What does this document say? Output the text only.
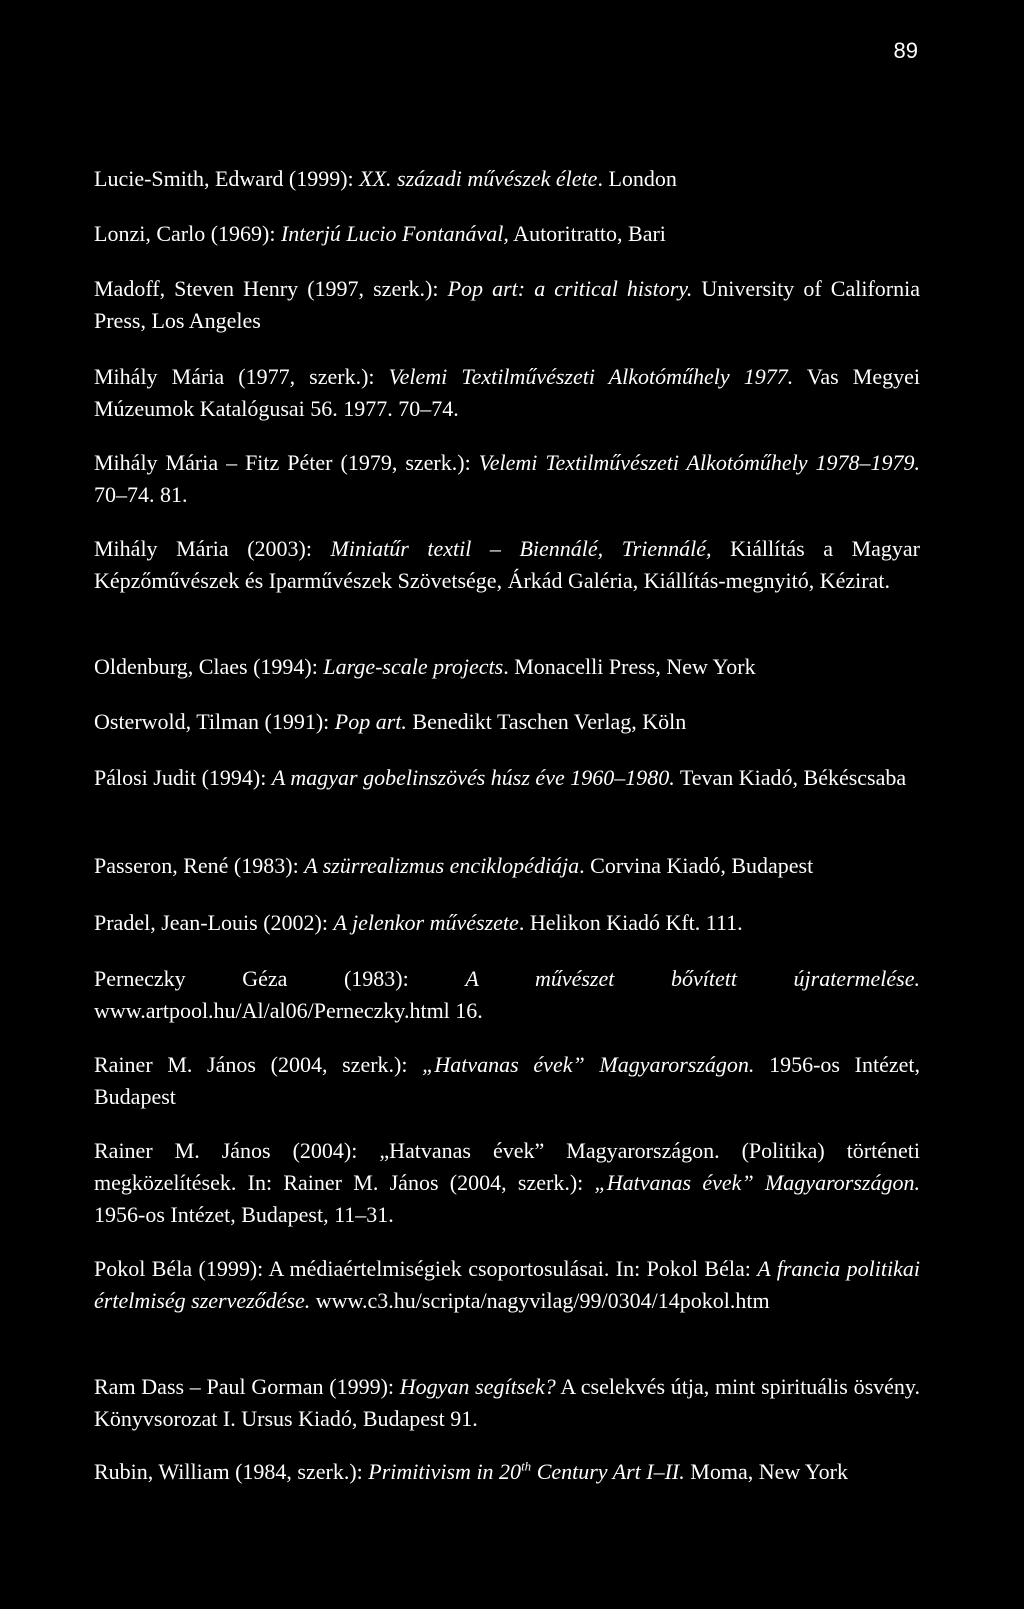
89
Lucie-Smith, Edward (1999): XX. századi művészek élete. London
Lonzi, Carlo (1969): Interjú Lucio Fontanával, Autoritratto, Bari
Madoff, Steven Henry (1997, szerk.): Pop art: a critical history. University of California Press, Los Angeles
Mihály Mária (1977, szerk.): Velemi Textilművészeti Alkotóműhely 1977. Vas Megyei Múzeumok Katalógusai 56. 1977. 70–74.
Mihály Mária – Fitz Péter (1979, szerk.): Velemi Textilművészeti Alkotóműhely 1978–1979. 70–74. 81.
Mihály Mária (2003): Miniatűr textil – Biennálé, Triennálé, Kiállítás a Magyar Képzőművészek és Iparművészek Szövetsége, Árkád Galéria, Kiállítás-megnyitó, Kézirat.
Oldenburg, Claes (1994): Large-scale projects. Monacelli Press, New York
Osterwold, Tilman (1991): Pop art. Benedikt Taschen Verlag, Köln
Pálosi Judit (1994): A magyar gobelinszövés húsz éve 1960–1980. Tevan Kiadó, Békéscsaba
Passeron, René (1983): A szürrealizmus enciklopédiája. Corvina Kiadó, Budapest
Pradel, Jean-Louis (2002): A jelenkor művészete. Helikon Kiadó Kft. 111.
Perneczky Géza (1983): A művészet bővített újratermelése. www.artpool.hu/Al/al06/Perneczky.html 16.
Rainer M. János (2004, szerk.): „Hatvanas évek” Magyarországon. 1956-os Intézet, Budapest
Rainer M. János (2004): „Hatvanas évek” Magyarországon. (Politika) történeti megközelítések. In: Rainer M. János (2004, szerk.): „Hatvanas évek” Magyarországon. 1956-os Intézet, Budapest, 11–31.
Pokol Béla (1999): A médiaértelmiségiek csoportosulásai. In: Pokol Béla: A francia politikai értelmiség szerveződése. www.c3.hu/scripta/nagyvilag/99/0304/14pokol.htm
Ram Dass – Paul Gorman (1999): Hogyan segítsek? A cselekvés útja, mint spirituális ösvény. Könyvsorozat I. Ursus Kiadó, Budapest 91.
Rubin, William (1984, szerk.): Primitivism in 20th Century Art I–II. Moma, New York
